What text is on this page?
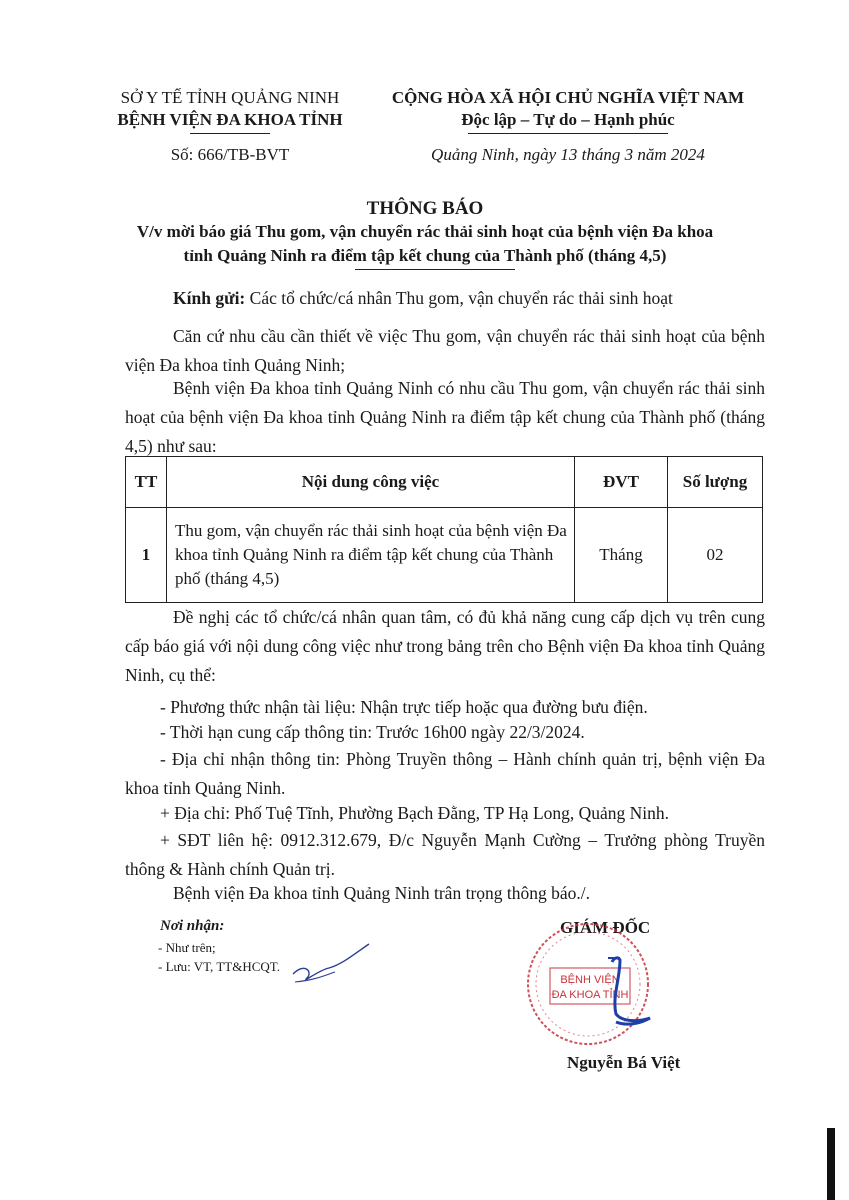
SỞ Y TẾ TỈNH QUẢNG NINH
BỆNH VIỆN ĐA KHOA TỈNH
Số: 666/TB-BVT
CỘNG HÒA XÃ HỘI CHỦ NGHĨA VIỆT NAM
Độc lập – Tự do – Hạnh phúc
Quảng Ninh, ngày 13 tháng 3 năm 2024
THÔNG BÁO
V/v mời báo giá Thu gom, vận chuyển rác thải sinh hoạt của bệnh viện Đa khoa
tỉnh Quảng Ninh ra điểm tập kết chung của Thành phố (tháng 4,5)
Kính gửi: Các tổ chức/cá nhân Thu gom, vận chuyển rác thải sinh hoạt
Căn cứ nhu cầu cần thiết về việc Thu gom, vận chuyển rác thải sinh hoạt của bệnh viện Đa khoa tỉnh Quảng Ninh;
Bệnh viện Đa khoa tỉnh Quảng Ninh có nhu cầu Thu gom, vận chuyển rác thải sinh hoạt của bệnh viện Đa khoa tỉnh Quảng Ninh ra điểm tập kết chung của Thành phố (tháng 4,5) như sau:
TT	Nội dung công việc	ĐVT	Số lượng
1	Thu gom, vận chuyển rác thải sinh hoạt của bệnh viện Đa khoa tỉnh Quảng Ninh ra điểm tập kết chung của Thành phố (tháng 4,5)	Tháng	02
Đề nghị các tổ chức/cá nhân quan tâm, có đủ khả năng cung cấp dịch vụ trên cung cấp báo giá với nội dung công việc như trong bảng trên cho Bệnh viện Đa khoa tỉnh Quảng Ninh, cụ thể:
- Phương thức nhận tài liệu: Nhận trực tiếp hoặc qua đường bưu điện.
- Thời hạn cung cấp thông tin: Trước 16h00 ngày 22/3/2024.
- Địa chỉ nhận thông tin: Phòng Truyền thông – Hành chính quản trị, bệnh viện Đa khoa tỉnh Quảng Ninh.
+ Địa chỉ: Phố Tuệ Tĩnh, Phường Bạch Đằng, TP Hạ Long, Quảng Ninh.
+ SĐT liên hệ: 0912.312.679, Đ/c Nguyễn Mạnh Cường – Trưởng phòng Truyền thông & Hành chính Quản trị.
Bệnh viện Đa khoa tỉnh Quảng Ninh trân trọng thông báo./.
Nơi nhận:
- Như trên;
- Lưu: VT, TT&HCQT.
GIÁM ĐỐC
BỆNH VIỆN
ĐA KHOA TỈNH
Nguyễn Bá Việt
